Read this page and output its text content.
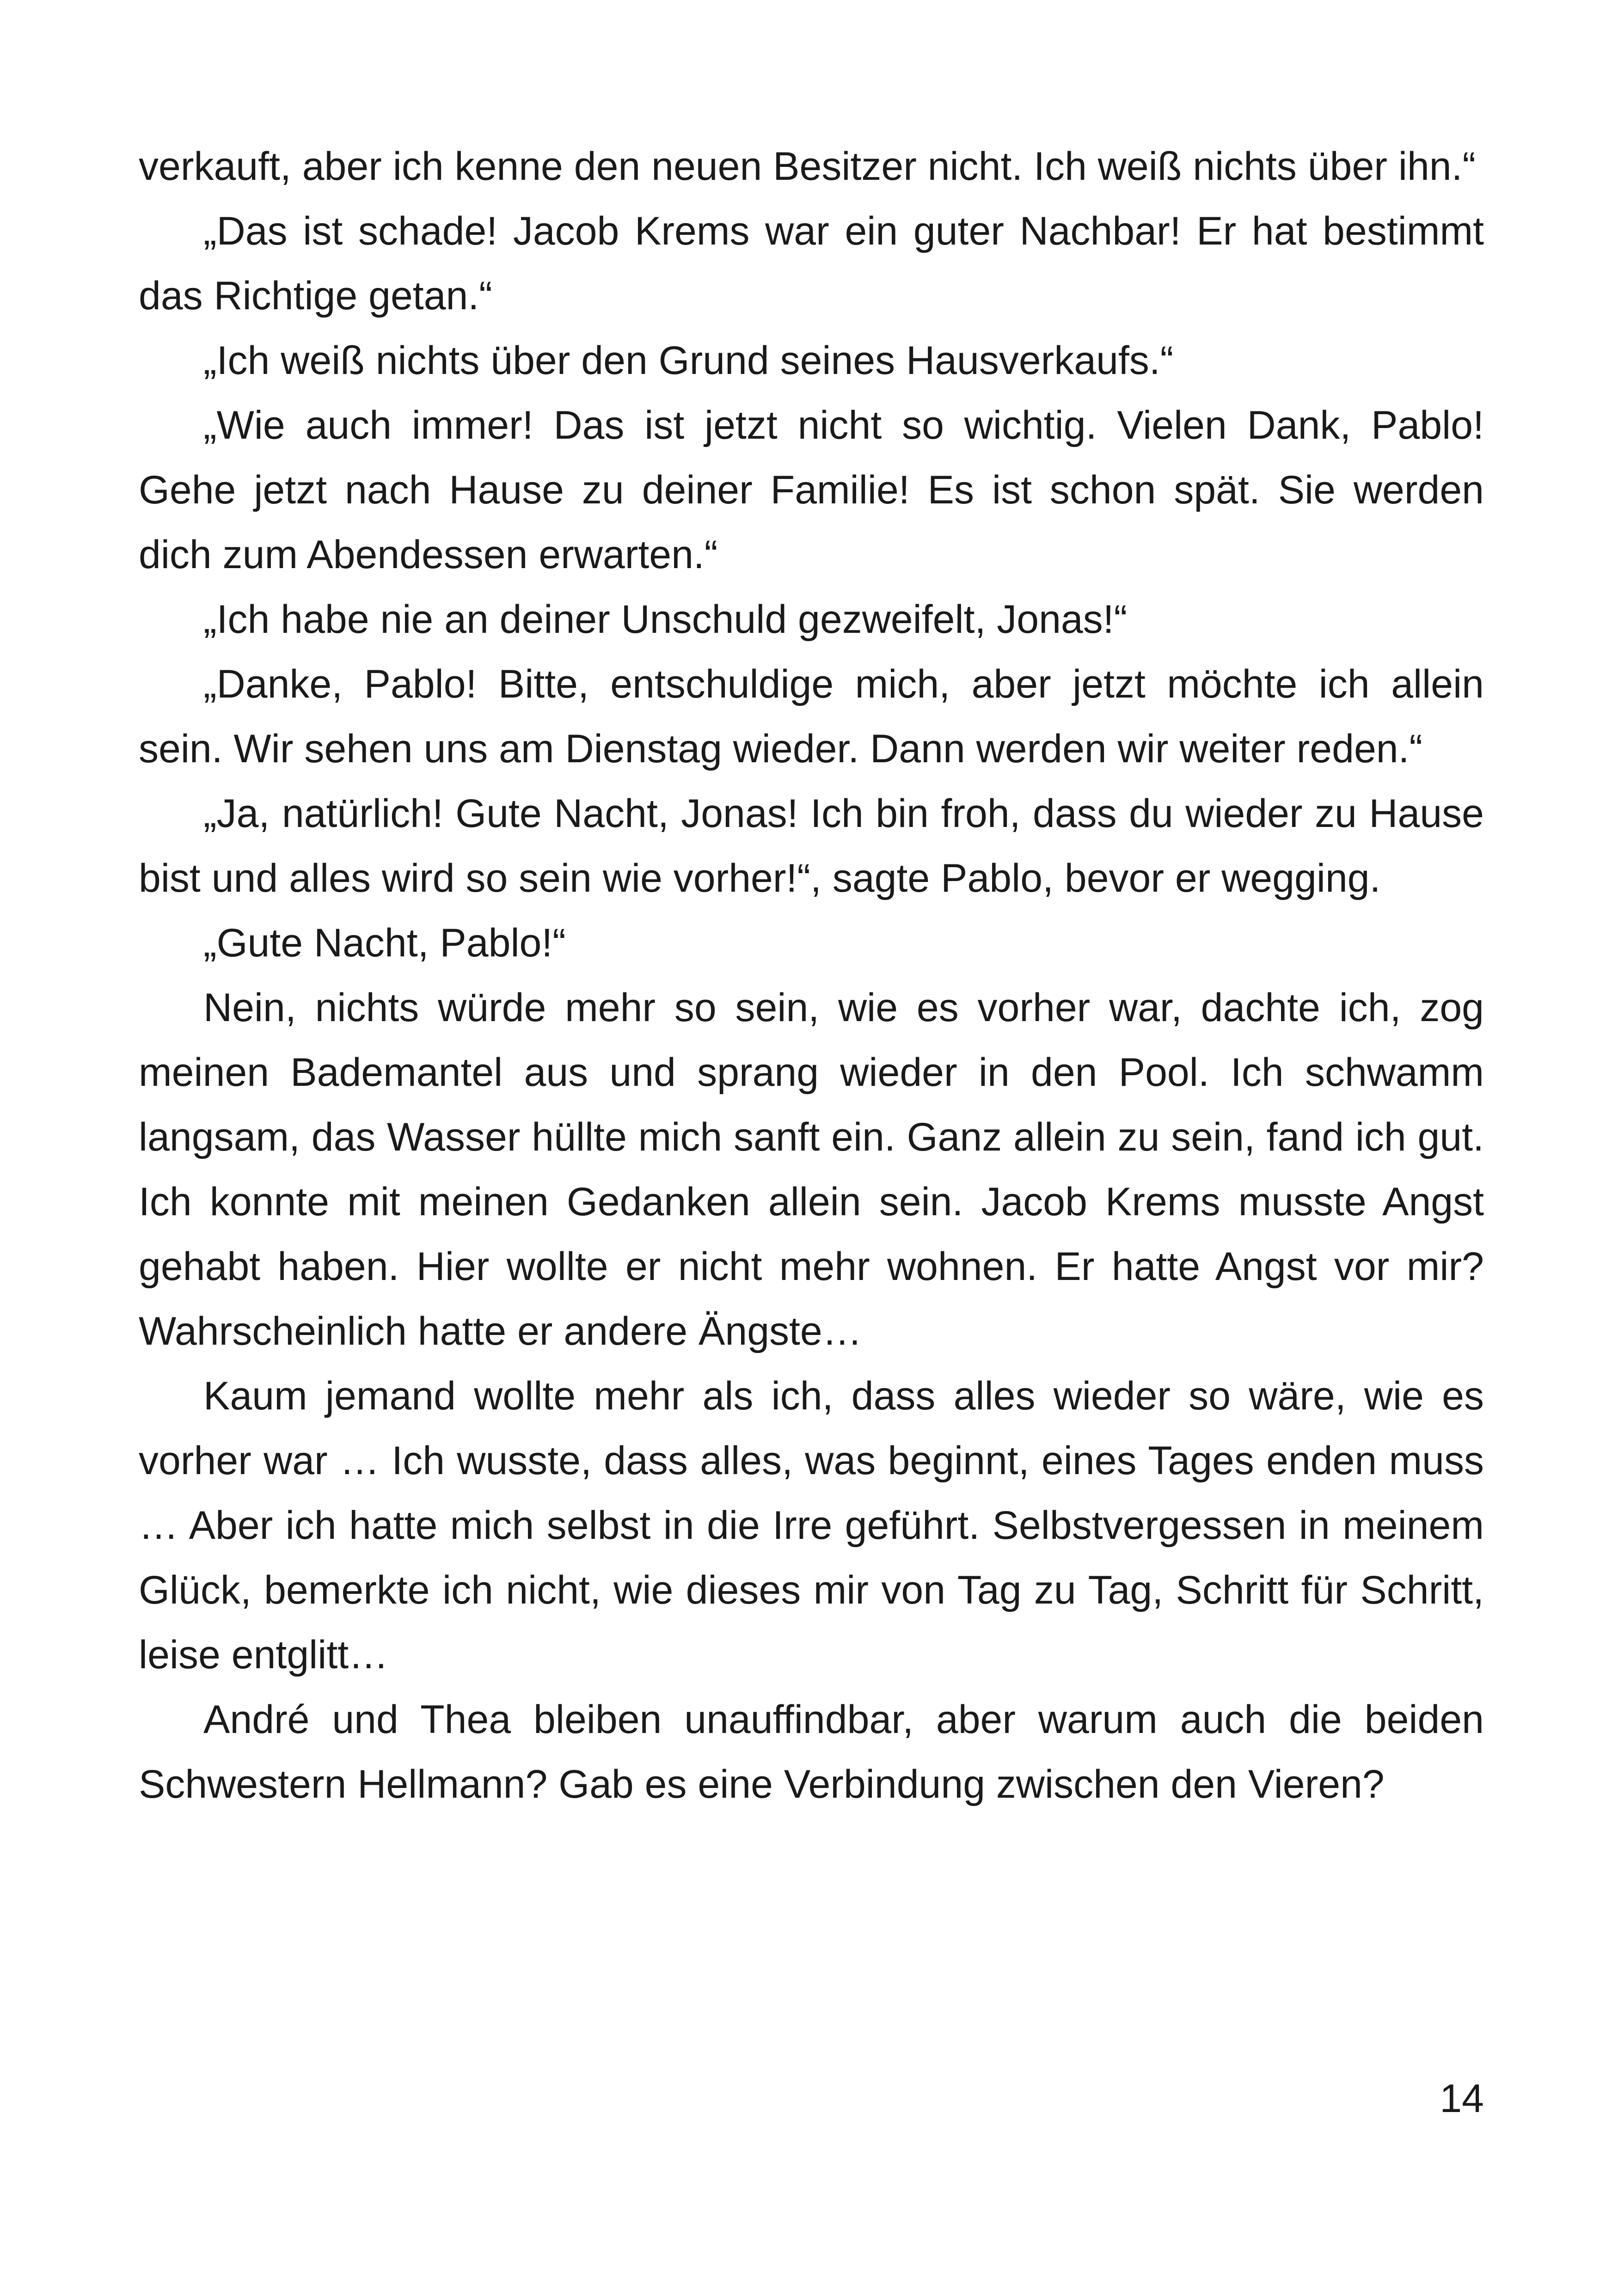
verkauft, aber ich kenne den neuen Besitzer nicht. Ich weiß nichts über ihn.“

„Das ist schade! Jacob Krems war ein guter Nachbar! Er hat bestimmt das Richtige getan.“

„Ich weiß nichts über den Grund seines Hausverkaufs.“

„Wie auch immer! Das ist jetzt nicht so wichtig. Vielen Dank, Pablo! Gehe jetzt nach Hause zu deiner Familie! Es ist schon spät. Sie werden dich zum Abendessen erwarten.“

„Ich habe nie an deiner Unschuld gezweifelt, Jonas!“

„Danke, Pablo! Bitte, entschuldige mich, aber jetzt möchte ich allein sein. Wir sehen uns am Dienstag wieder. Dann werden wir weiter reden.“

„Ja, natürlich! Gute Nacht, Jonas! Ich bin froh, dass du wieder zu Hause bist und alles wird so sein wie vorher!“, sagte Pablo, bevor er wegging.

„Gute Nacht, Pablo!“

Nein, nichts würde mehr so sein, wie es vorher war, dachte ich, zog meinen Bademantel aus und sprang wieder in den Pool. Ich schwamm langsam, das Wasser hüllte mich sanft ein. Ganz allein zu sein, fand ich gut. Ich konnte mit meinen Gedanken allein sein. Jacob Krems musste Angst gehabt haben. Hier wollte er nicht mehr wohnen. Er hatte Angst vor mir? Wahrscheinlich hatte er andere Ängste…

Kaum jemand wollte mehr als ich, dass alles wieder so wäre, wie es vorher war … Ich wusste, dass alles, was beginnt, eines Tages enden muss … Aber ich hatte mich selbst in die Irre geführt. Selbstvergessen in meinem Glück, bemerkte ich nicht, wie dieses mir von Tag zu Tag, Schritt für Schritt, leise entglitt…

André und Thea bleiben unauffindbar, aber warum auch die beiden Schwestern Hellmann? Gab es eine Verbindung zwischen den Vieren?

14
